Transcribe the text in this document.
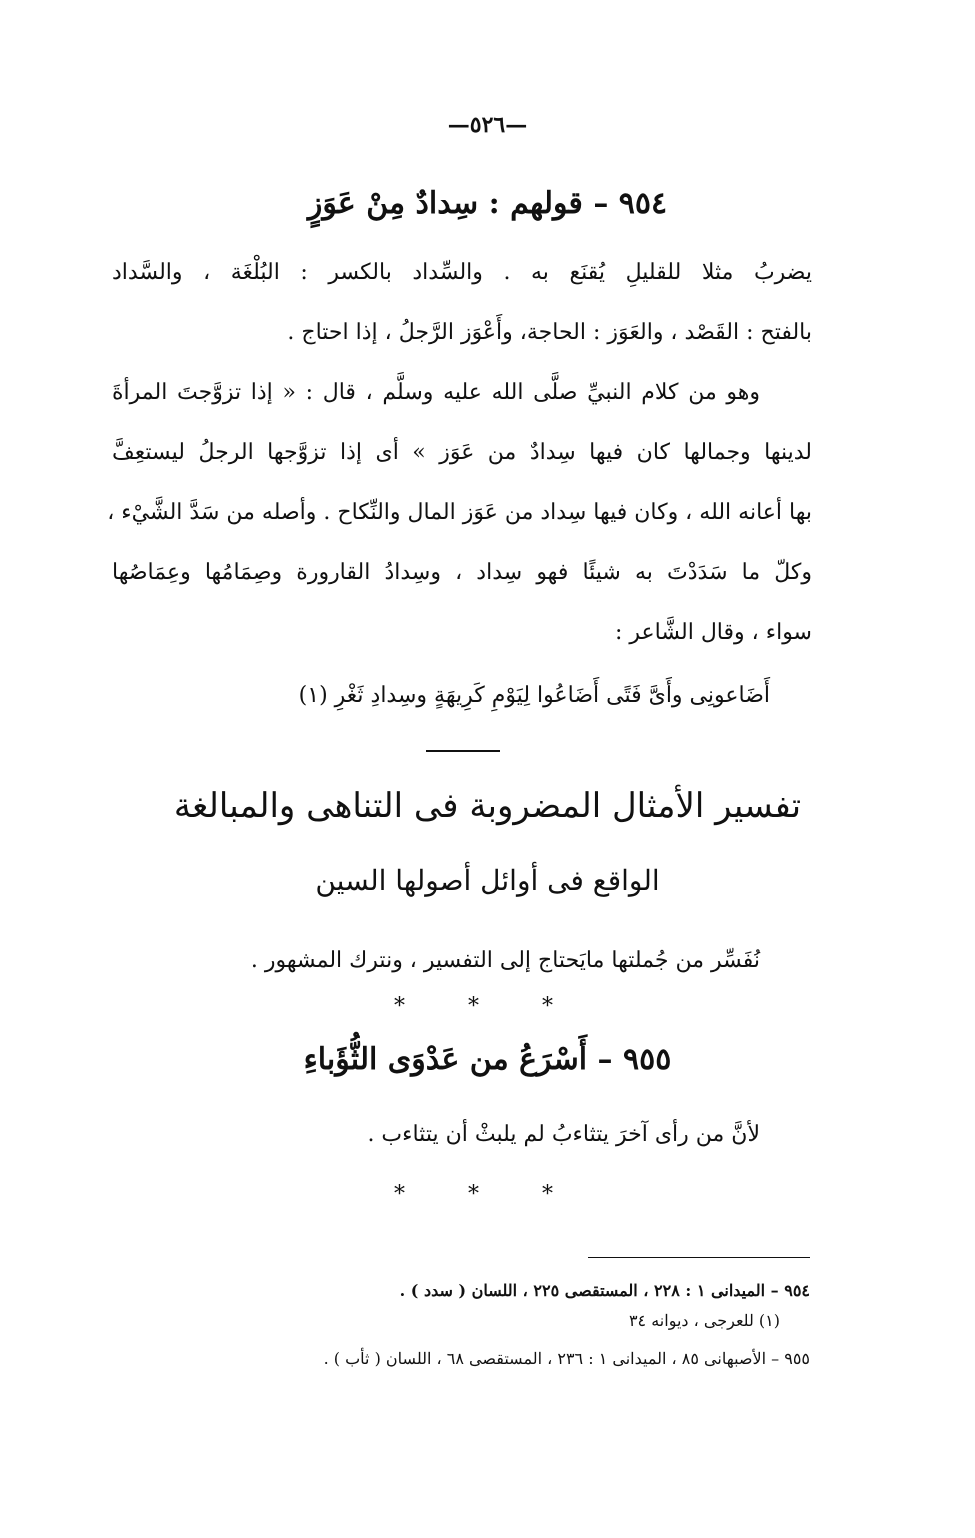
—٥٢٦—
٩٥٤ – قولهم : سِدادٌ مِنْ عَوَزٍ
يضربُ مثلا للقليلِ يُقنَع به . والسِّداد بالكسر : البُلْغَة ، والسَّداد
بالفتح : القَصْد ، والعَوَز : الحاجة، وأَعْوَز الرَّجلُ ، إذا احتاج .
وهو من كلام النبيِّ صلَّى الله عليه وسلَّم ، قال : « إذا تزوَّجتَ المرأةَ
لدينها وجمالها كان فيها سِدادٌ من عَوَز » أى إذا تزوَّجها الرجلُ ليستعِفَّ
بها أعانه الله ، وكان فيها سِداد من عَوَز المال والنِّكاح . وأصله من سَدَّ الشَّيْء ،
وكلّ ما سَدَدْتَ به شيئًا فهو سِداد ، وسِدادُ القارورة وصِمَامُها وعِمَاصُها
سواء ، وقال الشَّاعر :
أَضَاعونِى وأَىَّ فَتًى أَضَاعُوا لِيَوْمِ كَرِيهَةٍ وسِدادِ ثَغْرِ (١)
تفسير الأمثال المضروبة فى التناهى والمبالغة
الواقع فى أوائل أصولها السين
نُفَسِّر من جُملتها مايَحتاج إلى التفسير ، ونترك المشهور .
* * *
٩٥٥ – أَسْرَعُ من عَدْوَى الثُّؤَباءِ
لأنَّ من رأى آخرَ يتثاءبُ لم يلبثْ أن يتثاءب .
* * *
٩٥٤ – الميدانى ١ : ٢٢٨ ، المستقصى ٢٢٥ ، اللسان ( سدد ) .
(١) للعرجى ، ديوانه ٣٤
٩٥٥ – الأصبهانى ٨٥ ، الميدانى ١ : ٢٣٦ ، المستقصى ٦٨ ، اللسان ( ثأب ) .
